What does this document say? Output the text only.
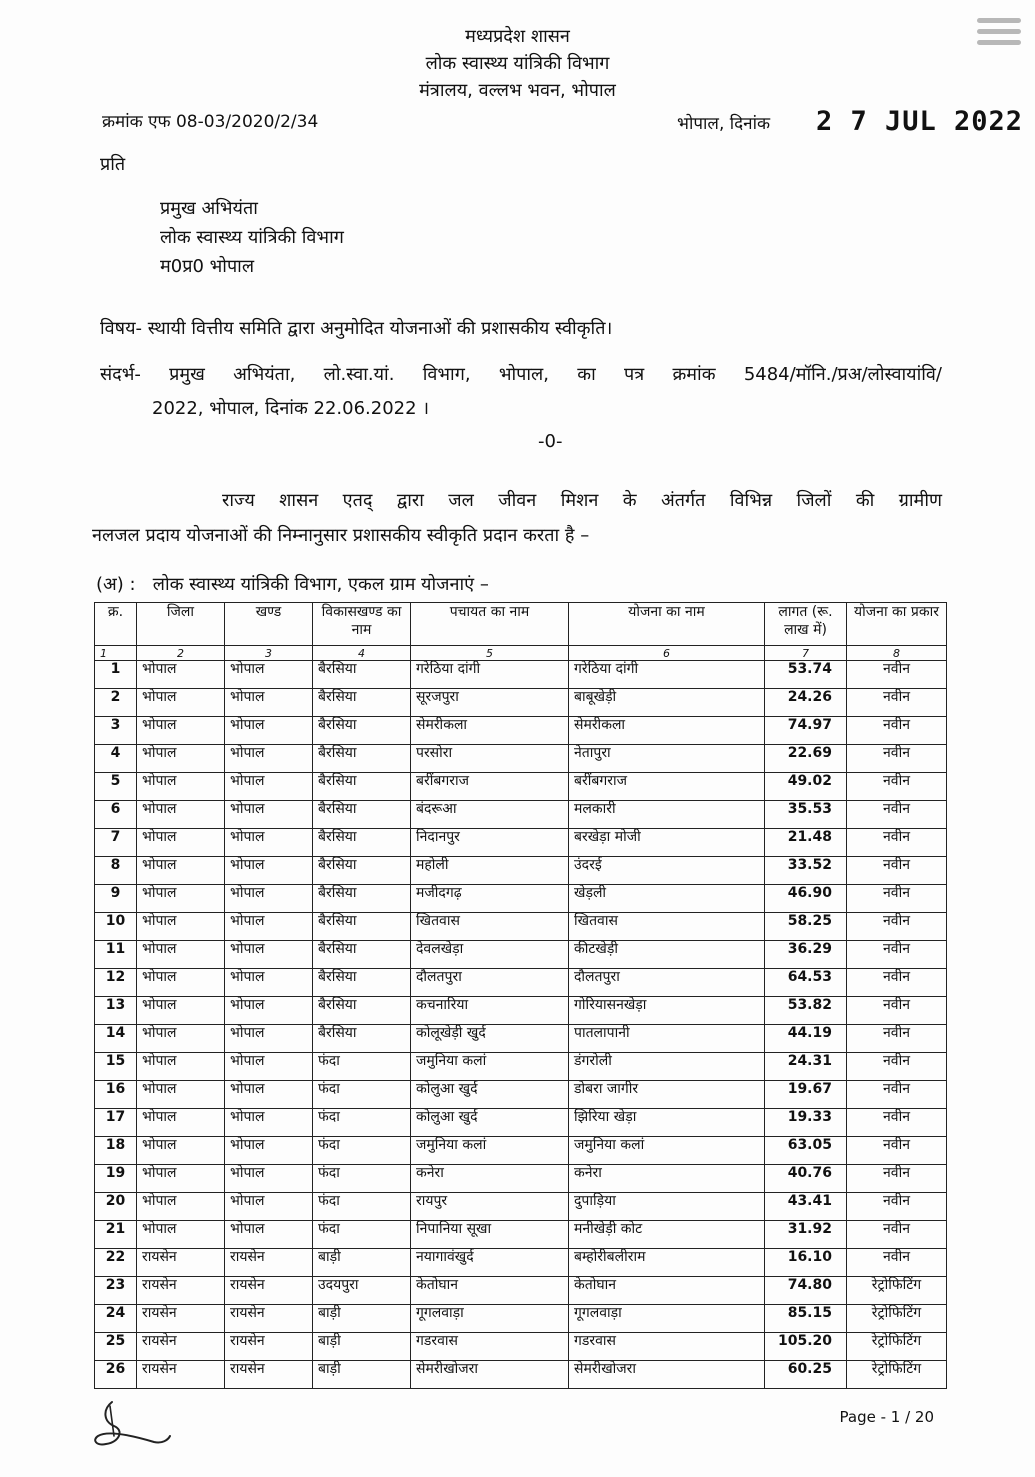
मध्यप्रदेश शासन
लोक स्वास्थ्य यांत्रिकी विभाग
मंत्रालय, वल्लभ भवन, भोपाल
क्रमांक एफ 08-03/2020/2/34	भोपाल, दिनांक 2 7 JUL 2022
प्रति
प्रमुख अभियंता
लोक स्वास्थ्य यांत्रिकी विभाग
म0प्र0 भोपाल
विषय- स्थायी वित्तीय समिति द्वारा अनुमोदित योजनाओं की प्रशासकीय स्वीकृति।
संदर्भ- प्रमुख अभियंता, लो.स्वा.यां. विभाग, भोपाल, का पत्र क्रमांक 5484/मॉनि./प्रअ/लोस्वायांवि/
2022, भोपाल, दिनांक 22.06.2022 ।
-0-
राज्य शासन एतद् द्वारा जल जीवन मिशन के अंतर्गत विभिन्न जिलों की ग्रामीण
नलजल प्रदाय योजनाओं की निम्नानुसार प्रशासकीय स्वीकृति प्रदान करता है –
(अ) :   लोक स्वास्थ्य यांत्रिकी विभाग, एकल ग्राम योजनाएं –
क्र.	जिला	खण्ड	विकासखण्ड का नाम	पचायत का नाम	योजना का नाम	लागत (रू. लाख में)	योजना का प्रकार
1	2	3	4	5	6	7	8
1	भोपाल	भोपाल	बैरसिया	गरेठिया दांगी	गरेठिया दांगी	53.74	नवीन
2	भोपाल	भोपाल	बैरसिया	सूरजपुरा	बाबूखेड़ी	24.26	नवीन
3	भोपाल	भोपाल	बैरसिया	सेमरीकला	सेमरीकला	74.97	नवीन
4	भोपाल	भोपाल	बैरसिया	परसोरा	नेतापुरा	22.69	नवीन
5	भोपाल	भोपाल	बैरसिया	बरींबगराज	बरींबगराज	49.02	नवीन
6	भोपाल	भोपाल	बैरसिया	बंदरूआ	मलकारी	35.53	नवीन
7	भोपाल	भोपाल	बैरसिया	निदानपुर	बरखेड़ा मोजी	21.48	नवीन
8	भोपाल	भोपाल	बैरसिया	महोली	उंदरई	33.52	नवीन
9	भोपाल	भोपाल	बैरसिया	मजीदगढ़	खेड़ली	46.90	नवीन
10	भोपाल	भोपाल	बैरसिया	खितवास	खितवास	58.25	नवीन
11	भोपाल	भोपाल	बैरसिया	देवलखेड़ा	कीटखेड़ी	36.29	नवीन
12	भोपाल	भोपाल	बैरसिया	दौलतपुरा	दौलतपुरा	64.53	नवीन
13	भोपाल	भोपाल	बैरसिया	कचनारिया	गोरियासनखेड़ा	53.82	नवीन
14	भोपाल	भोपाल	बैरसिया	कोलूखेड़ी खुर्द	पातलापानी	44.19	नवीन
15	भोपाल	भोपाल	फंदा	जमुनिया कलां	डंगरोली	24.31	नवीन
16	भोपाल	भोपाल	फंदा	कोलुआ खुर्द	डोबरा जागीर	19.67	नवीन
17	भोपाल	भोपाल	फंदा	कोलुआ खुर्द	झिरिया खेड़ा	19.33	नवीन
18	भोपाल	भोपाल	फंदा	जमुनिया कलां	जमुनिया कलां	63.05	नवीन
19	भोपाल	भोपाल	फंदा	कनेरा	कनेरा	40.76	नवीन
20	भोपाल	भोपाल	फंदा	रायपुर	दुपाड़िया	43.41	नवीन
21	भोपाल	भोपाल	फंदा	निपानिया सूखा	मनीखेड़ी कोट	31.92	नवीन
22	रायसेन	रायसेन	बाड़ी	नयागावंखुर्द	बम्होरीबलीराम	16.10	नवीन
23	रायसेन	रायसेन	उदयपुरा	केतोघान	केतोघान	74.80	रेट्रोफिटिंग
24	रायसेन	रायसेन	बाड़ी	गूगलवाड़ा	गूगलवाड़ा	85.15	रेट्रोफिटिंग
25	रायसेन	रायसेन	बाड़ी	गडरवास	गडरवास	105.20	रेट्रोफिटिंग
26	रायसेन	रायसेन	बाड़ी	सेमरीखोजरा	सेमरीखोजरा	60.25	रेट्रोफिटिंग
Page - 1 / 20
